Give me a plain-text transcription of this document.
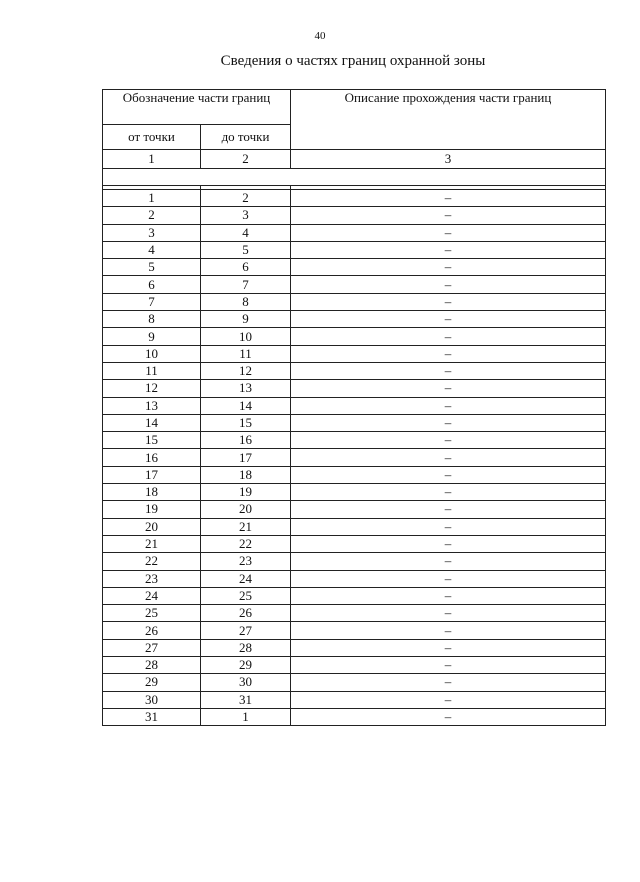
40
Сведения о частях границ охранной зоны
Обозначение части границ		Описание прохождения части границ
от точки	до точки	
1	2	3

1	2	–
2	3	–
3	4	–
4	5	–
5	6	–
6	7	–
7	8	–
8	9	–
9	10	–
10	11	–
11	12	–
12	13	–
13	14	–
14	15	–
15	16	–
16	17	–
17	18	–
18	19	–
19	20	–
20	21	–
21	22	–
22	23	–
23	24	–
24	25	–
25	26	–
26	27	–
27	28	–
28	29	–
29	30	–
30	31	–
31	1	–
